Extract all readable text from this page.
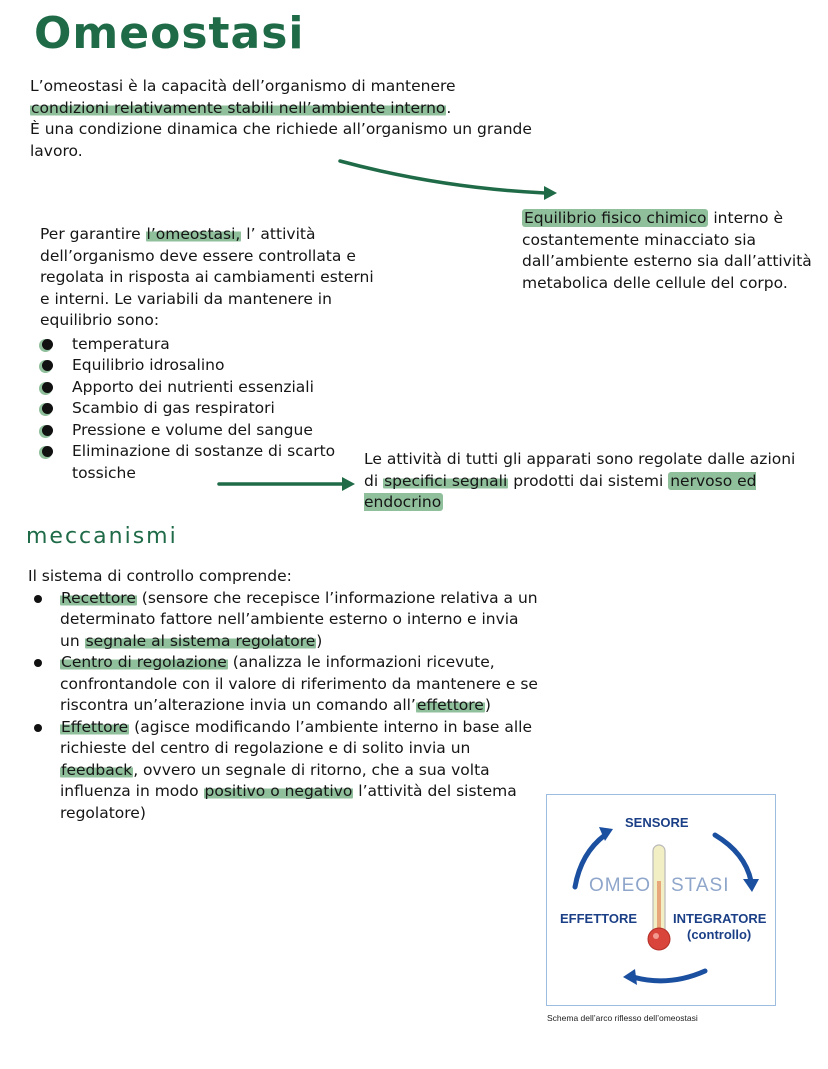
Omeostasi
L’omeostasi è la capacità dell’organismo di mantenere
condizioni relativamente stabili nell’ambiente interno.
È una condizione dinamica che richiede all’organismo un grande lavoro.
Equilibrio fisico chimico interno è costantemente minacciato sia dall’ambiente esterno sia dall’attività metabolica delle cellule del corpo.
Per garantire l’omeostasi, l’ attività dell’organismo deve essere controllata e regolata in risposta ai cambiamenti esterni e interni. Le variabili da mantenere in equilibrio sono:
temperatura
Equilibrio idrosalino
Apporto dei nutrienti essenziali
Scambio di gas respiratori
Pressione e volume del sangue
Eliminazione di sostanze di scarto tossiche
Le attività di tutti gli apparati sono regolate dalle azioni di specifici segnali prodotti dai sistemi nervoso ed endocrino
meccanismi
Il sistema di controllo comprende:
Recettore (sensore che recepisce l’informazione relativa a un determinato fattore nell’ambiente esterno o interno e invia un segnale al sistema regolatore)
Centro di regolazione (analizza le informazioni ricevute, confrontandole con il valore di riferimento da mantenere e se riscontra un’alterazione invia un comando all’effettore)
Effettore (agisce modificando l’ambiente interno in base alle richieste del centro di regolazione e di solito invia un feedback, ovvero un segnale di ritorno, che a sua volta influenza in modo positivo o negativo l’attività del sistema regolatore)
SENSORE
OMEO STASI
EFFETTORE	INTEGRATORE
(controllo)
Schema dell’arco riflesso dell’omeostasi
